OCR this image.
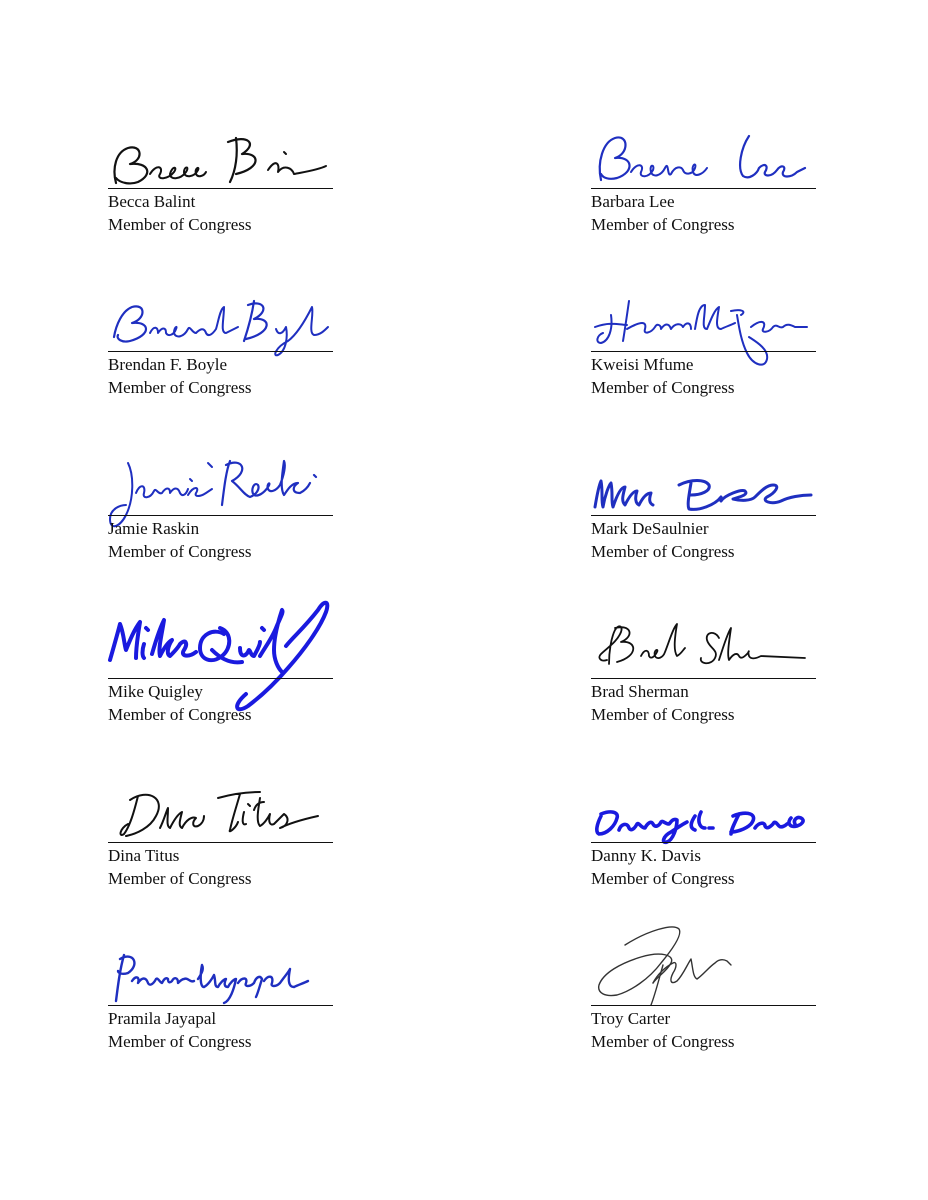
Becca Balint
Member of Congress
Barbara Lee
Member of Congress
Brendan F. Boyle
Member of Congress
Kweisi Mfume
Member of Congress
Jamie Raskin
Member of Congress
Mark DeSaulnier
Member of Congress
Mike Quigley
Member of Congress
Brad Sherman
Member of Congress
Dina Titus
Member of Congress
Danny K. Davis
Member of Congress
Pramila Jayapal
Member of Congress
Troy Carter
Member of Congress
